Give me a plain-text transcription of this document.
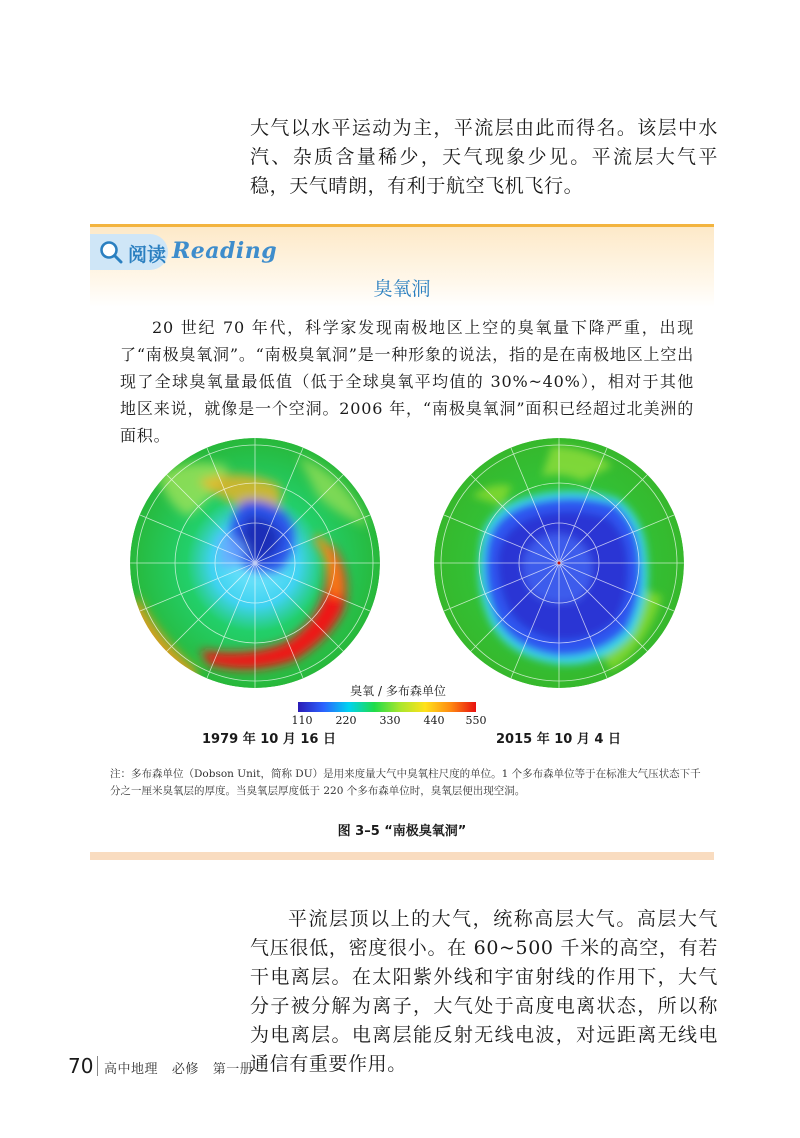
大气以水平运动为主，平流层由此而得名。该层中水汽、杂质含量稀少，天气现象少见。平流层大气平稳，天气晴朗，有利于航空飞机飞行。

阅读 Reading
臭氧洞

20 世纪 70 年代，科学家发现南极地区上空的臭氧量下降严重，出现了“南极臭氧洞”。“南极臭氧洞”是一种形象的说法，指的是在南极地区上空出现了全球臭氧量最低值（低于全球臭氧平均值的 30%~40%），相对于其他地区来说，就像是一个空洞。2006 年，“南极臭氧洞”面积已经超过北美洲的面积。

臭氧 / 多布森单位
110	220	330	440	550
1979 年 10 月 16 日	2015 年 10 月 4 日

注：多布森单位（Dobson Unit，简称 DU）是用来度量大气中臭氧柱尺度的单位。1 个多布森单位等于在标准大气压状态下千分之一厘米臭氧层的厚度。当臭氧层厚度低于 220 个多布森单位时，臭氧层便出现空洞。

图 3–5 “南极臭氧洞”

平流层顶以上的大气，统称高层大气。高层大气气压很低，密度很小。在 60~500 千米的高空，有若干电离层。在太阳紫外线和宇宙射线的作用下，大气分子被分解为离子，大气处于高度电离状态，所以称为电离层。电离层能反射无线电波，对远距离无线电通信有重要作用。

70 高中地理   必修   第一册
